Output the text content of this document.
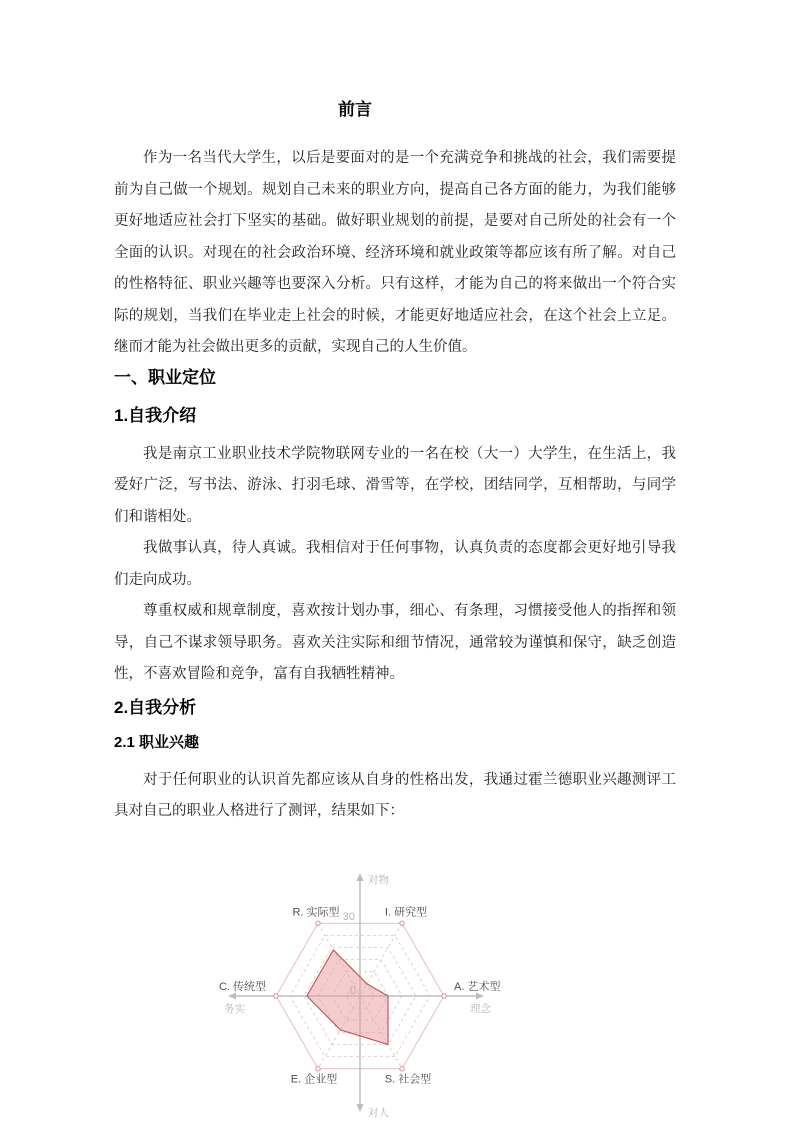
前言

作为一名当代大学生，以后是要面对的是一个充满竞争和挑战的社会，我们需要提前为自己做一个规划。规划自己未来的职业方向，提高自己各方面的能力，为我们能够更好地适应社会打下坚实的基础。做好职业规划的前提，是要对自己所处的社会有一个全面的认识。对现在的社会政治环境、经济环境和就业政策等都应该有所了解。对自己的性格特征、职业兴趣等也要深入分析。只有这样，才能为自己的将来做出一个符合实际的规划，当我们在毕业走上社会的时候，才能更好地适应社会，在这个社会上立足。继而才能为社会做出更多的贡献，实现自己的人生价值。

一、职业定位
1.自我介绍

我是南京工业职业技术学院物联网专业的一名在校（大一）大学生，在生活上，我爱好广泛，写书法、游泳、打羽毛球、滑雪等，在学校，团结同学，互相帮助，与同学们和谐相处。

我做事认真，待人真诚。我相信对于任何事物，认真负责的态度都会更好地引导我们走向成功。

尊重权威和规章制度，喜欢按计划办事，细心、有条理，习惯接受他人的指挥和领导，自己不谋求领导职务。喜欢关注实际和细节情况，通常较为谨慎和保守，缺乏创造性，不喜欢冒险和竞争，富有自我牺牲精神。

2.自我分析
2.1 职业兴趣

对于任何职业的认识首先都应该从自身的性格出发，我通过霍兰德职业兴趣测评工具对自己的职业人格进行了测评，结果如下：

R. 实际型	I. 研究型
A. 艺术型
S. 社会型
E. 企业型
C. 传统型
30
0
对物
对人
务实	理念
